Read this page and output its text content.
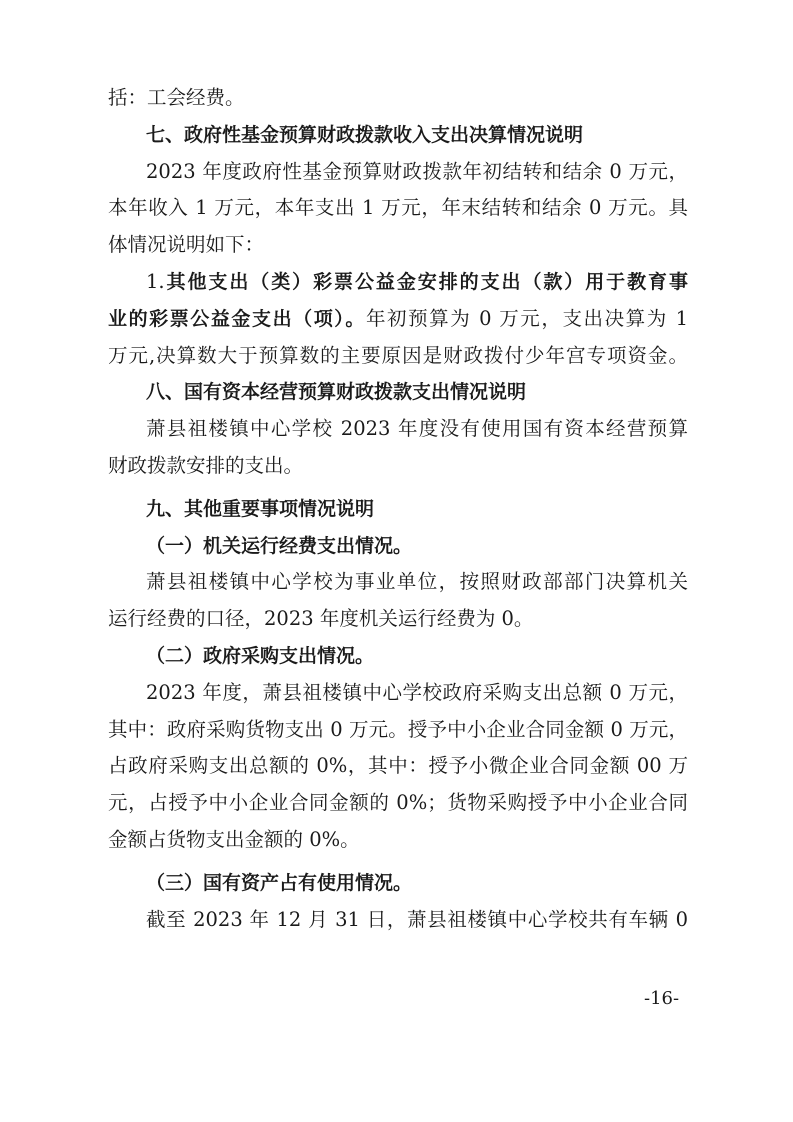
括：工会经费。
七、政府性基金预算财政拨款收入支出决算情况说明
2023 年度政府性基金预算财政拨款年初结转和结余 0 万元，
本年收入 1 万元，本年支出 1 万元，年末结转和结余 0 万元。具
体情况说明如下：
1.其他支出（类）彩票公益金安排的支出（款）用于教育事
业的彩票公益金支出（项）。年初预算为 0 万元，支出决算为 1
万元,决算数大于预算数的主要原因是财政拨付少年宫专项资金。
八、国有资本经营预算财政拨款支出情况说明
萧县祖楼镇中心学校 2023 年度没有使用国有资本经营预算
财政拨款安排的支出。
九、其他重要事项情况说明
（一）机关运行经费支出情况。
萧县祖楼镇中心学校为事业单位，按照财政部部门决算机关
运行经费的口径，2023 年度机关运行经费为 0。
（二）政府采购支出情况。
2023 年度，萧县祖楼镇中心学校政府采购支出总额 0 万元，
其中：政府采购货物支出 0 万元。授予中小企业合同金额 0 万元，
占政府采购支出总额的 0%，其中：授予小微企业合同金额 00 万
元，占授予中小企业合同金额的 0%；货物采购授予中小企业合同
金额占货物支出金额的 0%。
（三）国有资产占有使用情况。
截至 2023 年 12 月 31 日，萧县祖楼镇中心学校共有车辆 0
-16-
